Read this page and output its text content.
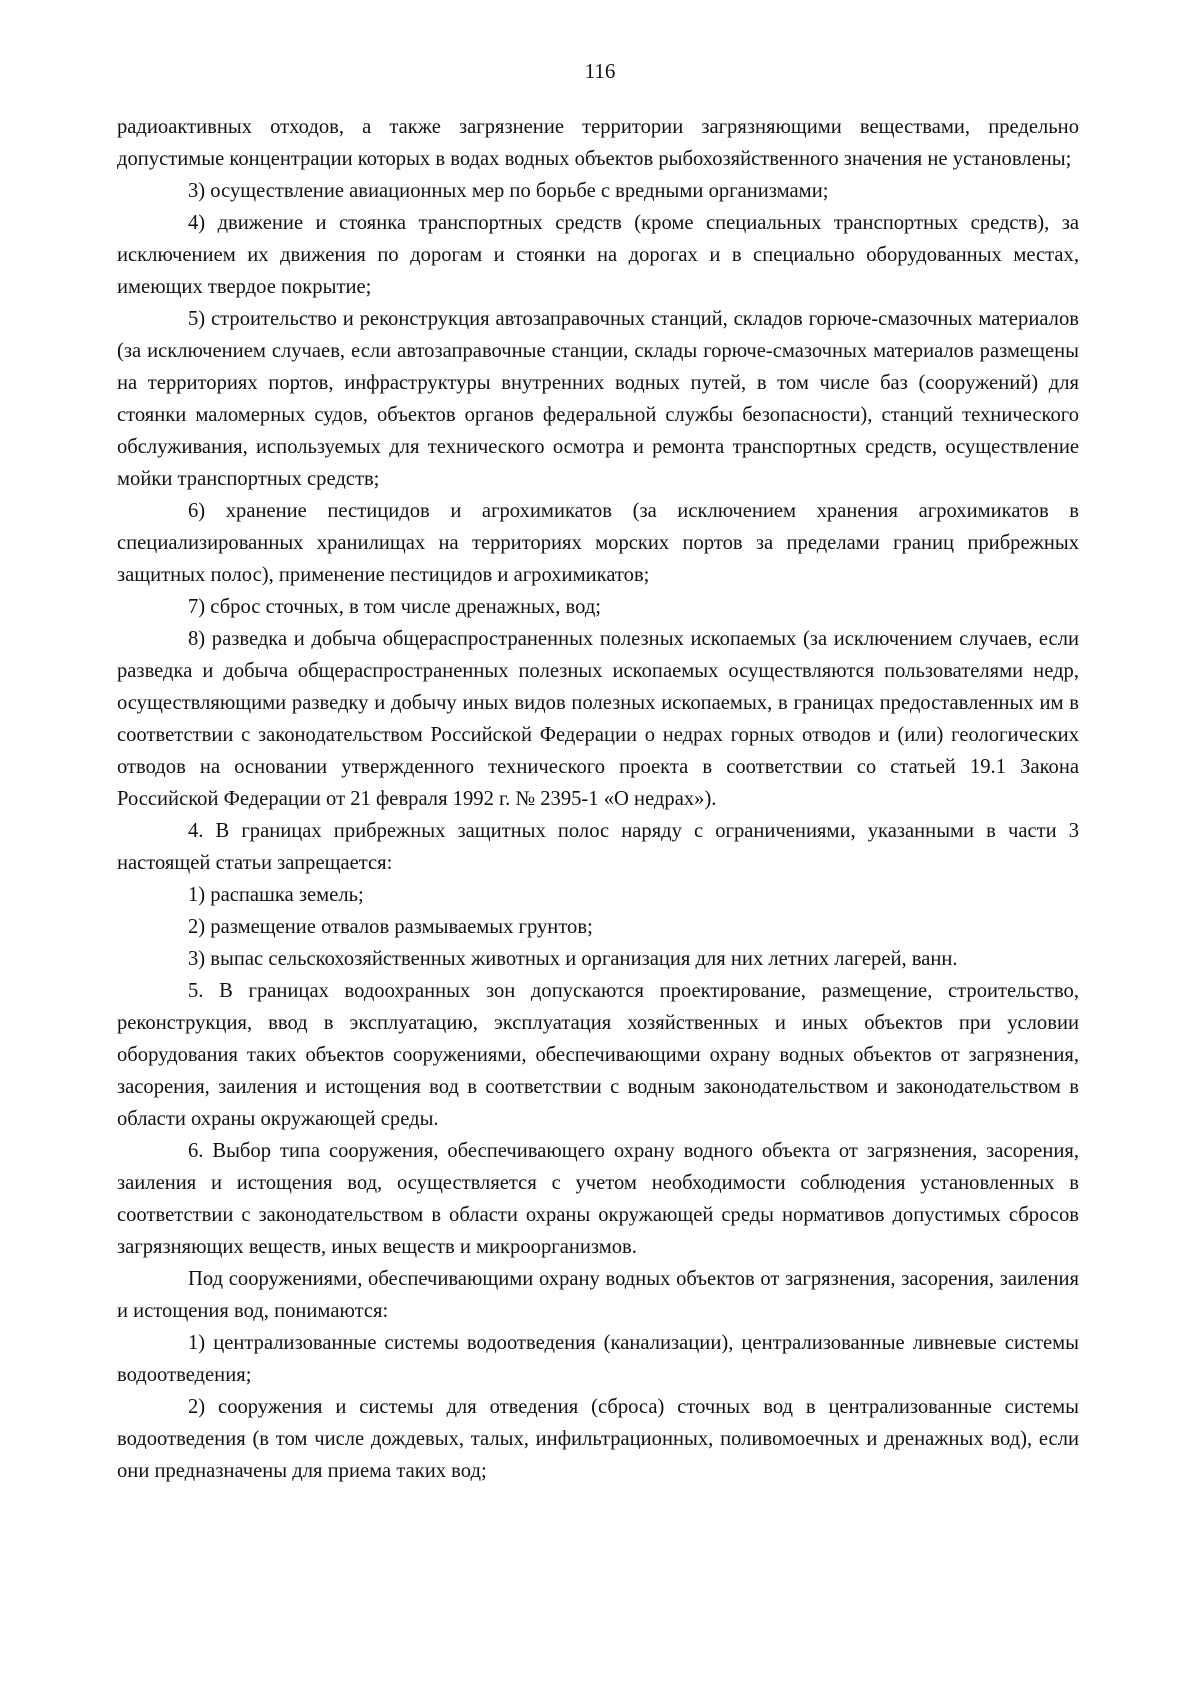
116

радиоактивных отходов, а также загрязнение территории загрязняющими веществами, предельно допустимые концентрации которых в водах водных объектов рыбохозяйственного значения не установлены;

3) осуществление авиационных мер по борьбе с вредными организмами;

4) движение и стоянка транспортных средств (кроме специальных транспортных средств), за исключением их движения по дорогам и стоянки на дорогах и в специально оборудованных местах, имеющих твердое покрытие;

5) строительство и реконструкция автозаправочных станций, складов горюче-смазочных материалов (за исключением случаев, если автозаправочные станции, склады горюче-смазочных материалов размещены на территориях портов, инфраструктуры внутренних водных путей, в том числе баз (сооружений) для стоянки маломерных судов, объектов органов федеральной службы безопасности), станций технического обслуживания, используемых для технического осмотра и ремонта транспортных средств, осуществление мойки транспортных средств;

6) хранение пестицидов и агрохимикатов (за исключением хранения агрохимикатов в специализированных хранилищах на территориях морских портов за пределами границ прибрежных защитных полос), применение пестицидов и агрохимикатов;

7) сброс сточных, в том числе дренажных, вод;

8) разведка и добыча общераспространенных полезных ископаемых (за исключением случаев, если разведка и добыча общераспространенных полезных ископаемых осуществляются пользователями недр, осуществляющими разведку и добычу иных видов полезных ископаемых, в границах предоставленных им в соответствии с законодательством Российской Федерации о недрах горных отводов и (или) геологических отводов на основании утвержденного технического проекта в соответствии со статьей 19.1 Закона Российской Федерации от 21 февраля 1992 г. № 2395-1 «О недрах»).

4. В границах прибрежных защитных полос наряду с ограничениями, указанными в части 3 настоящей статьи запрещается:

1) распашка земель;

2) размещение отвалов размываемых грунтов;

3) выпас сельскохозяйственных животных и организация для них летних лагерей, ванн.

5. В границах водоохранных зон допускаются проектирование, размещение, строительство, реконструкция, ввод в эксплуатацию, эксплуатация хозяйственных и иных объектов при условии оборудования таких объектов сооружениями, обеспечивающими охрану водных объектов от загрязнения, засорения, заиления и истощения вод в соответствии с водным законодательством и законодательством в области охраны окружающей среды.

6. Выбор типа сооружения, обеспечивающего охрану водного объекта от загрязнения, засорения, заиления и истощения вод, осуществляется с учетом необходимости соблюдения установленных в соответствии с законодательством в области охраны окружающей среды нормативов допустимых сбросов загрязняющих веществ, иных веществ и микроорганизмов.

Под сооружениями, обеспечивающими охрану водных объектов от загрязнения, засорения, заиления и истощения вод, понимаются:

1) централизованные системы водоотведения (канализации), централизованные ливневые системы водоотведения;

2) сооружения и системы для отведения (сброса) сточных вод в централизованные системы водоотведения (в том числе дождевых, талых, инфильтрационных, поливомоечных и дренажных вод), если они предназначены для приема таких вод;
